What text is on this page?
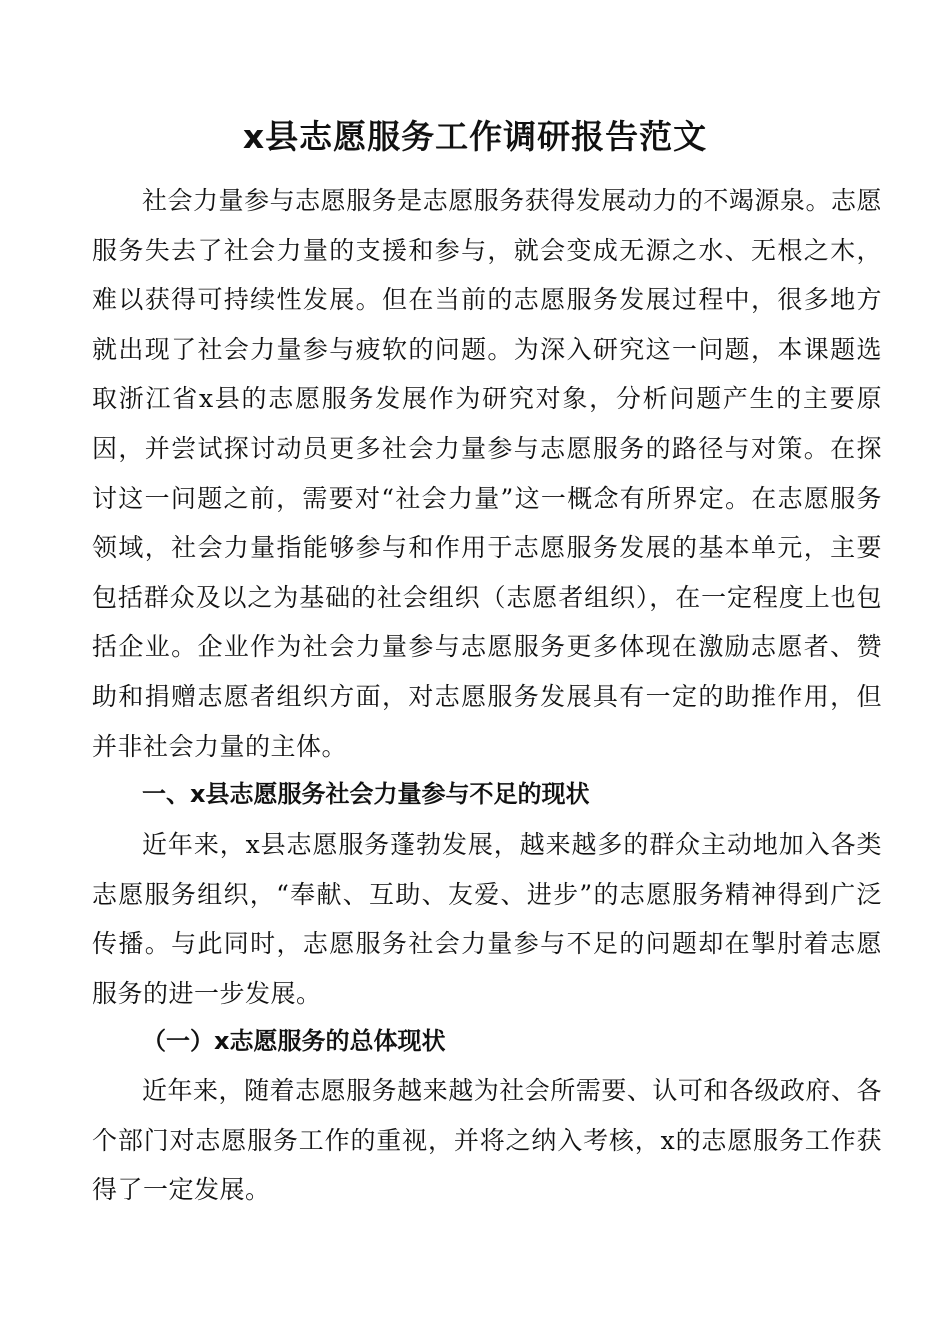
x县志愿服务工作调研报告范文

社会力量参与志愿服务是志愿服务获得发展动力的不竭源泉。志愿服务失去了社会力量的支援和参与，就会变成无源之水、无根之木，难以获得可持续性发展。但在当前的志愿服务发展过程中，很多地方就出现了社会力量参与疲软的问题。为深入研究这一问题，本课题选取浙江省x县的志愿服务发展作为研究对象，分析问题产生的主要原因，并尝试探讨动员更多社会力量参与志愿服务的路径与对策。在探讨这一问题之前，需要对“社会力量”这一概念有所界定。在志愿服务领域，社会力量指能够参与和作用于志愿服务发展的基本单元，主要包括群众及以之为基础的社会组织（志愿者组织），在一定程度上也包括企业。企业作为社会力量参与志愿服务更多体现在激励志愿者、赞助和捐赠志愿者组织方面，对志愿服务发展具有一定的助推作用，但并非社会力量的主体。

一、x县志愿服务社会力量参与不足的现状

近年来，x县志愿服务蓬勃发展，越来越多的群众主动地加入各类志愿服务组织，“奉献、互助、友爱、进步”的志愿服务精神得到广泛传播。与此同时，志愿服务社会力量参与不足的问题却在掣肘着志愿服务的进一步发展。

（一）x志愿服务的总体现状

近年来，随着志愿服务越来越为社会所需要、认可和各级政府、各个部门对志愿服务工作的重视，并将之纳入考核，x的志愿服务工作获得了一定发展。
